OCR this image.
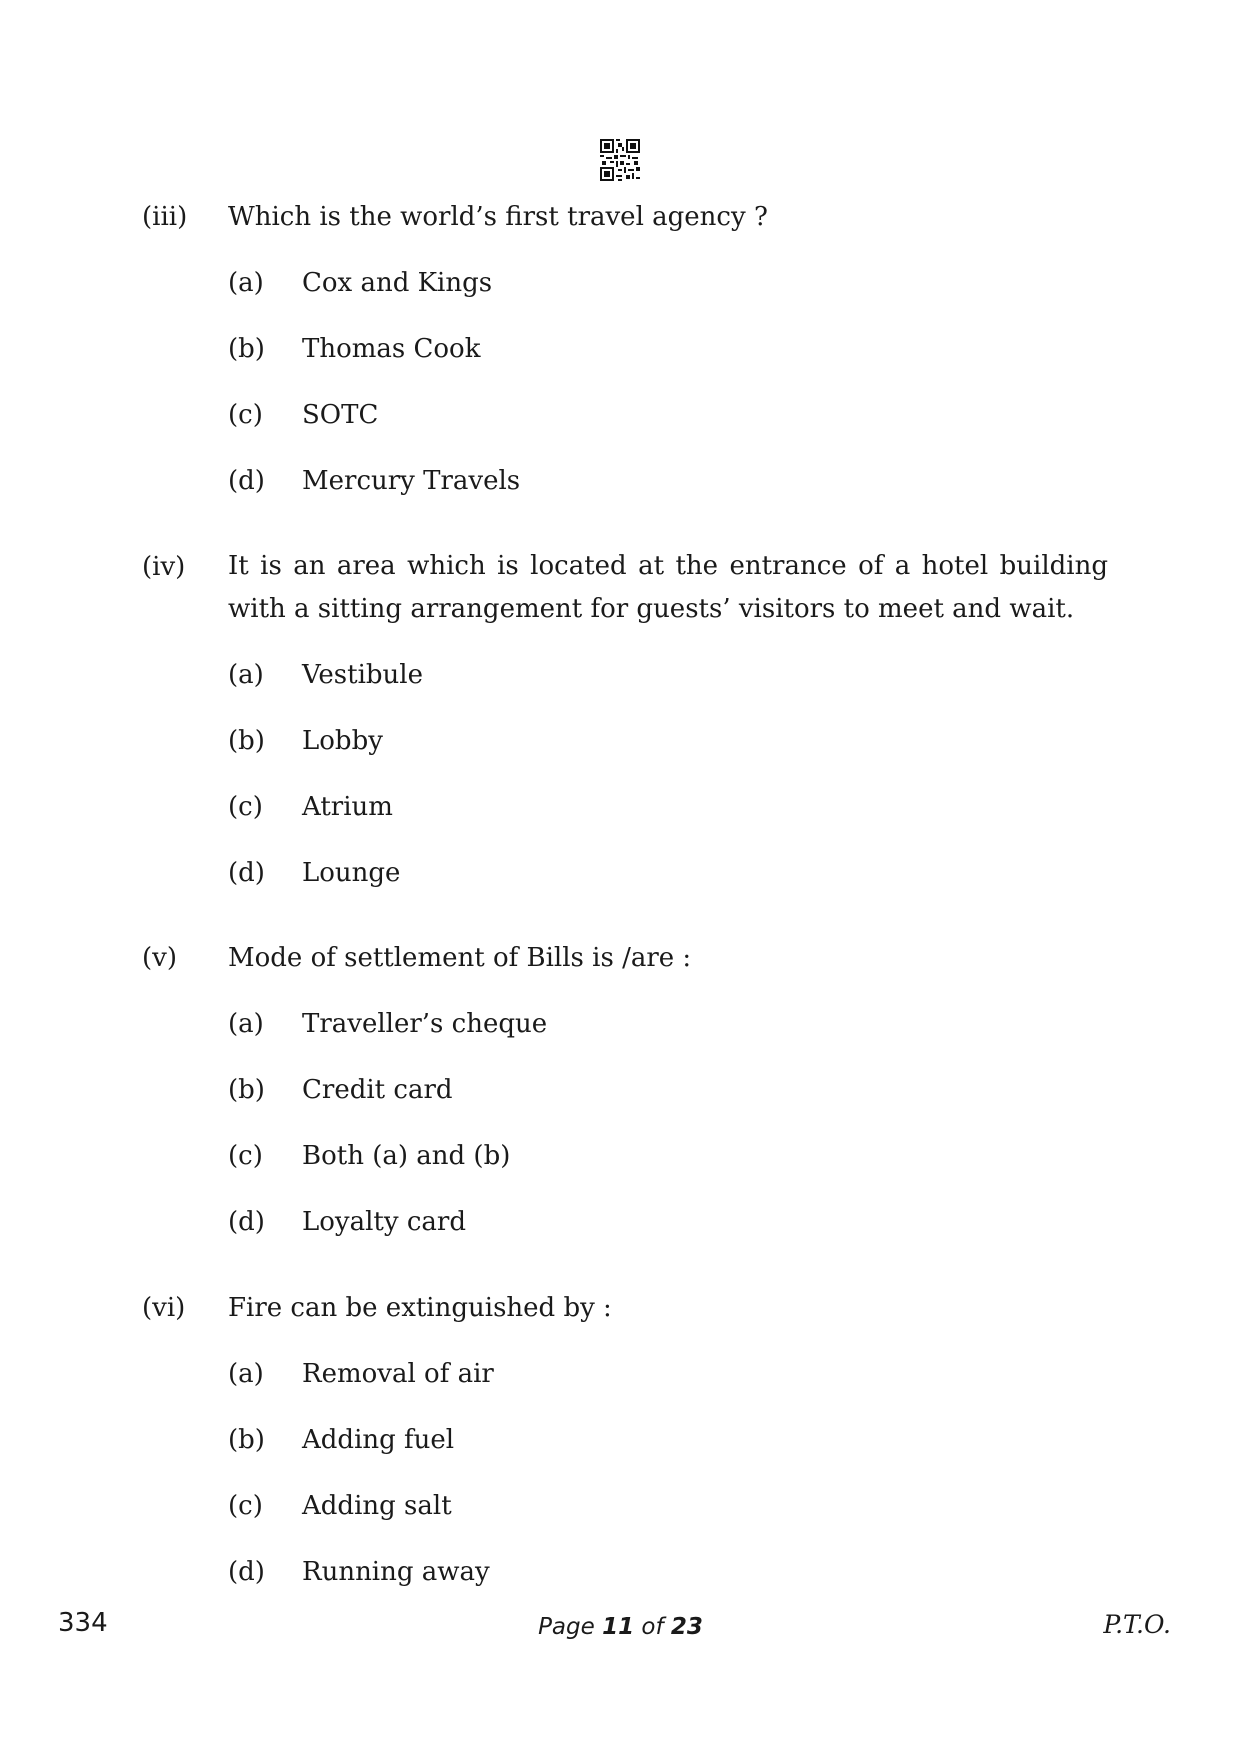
(iii) Which is the world’s first travel agency ?
(a) Cox and Kings
(b) Thomas Cook
(c) SOTC
(d) Mercury Travels
(iv) It is an area which is located at the entrance of a hotel building with a sitting arrangement for guests’ visitors to meet and wait.
(a) Vestibule
(b) Lobby
(c) Atrium
(d) Lounge
(v) Mode of settlement of Bills is /are :
(a) Traveller’s cheque
(b) Credit card
(c) Both (a) and (b)
(d) Loyalty card
(vi) Fire can be extinguished by :
(a) Removal of air
(b) Adding fuel
(c) Adding salt
(d) Running away
334	Page 11 of 23	P.T.O.
